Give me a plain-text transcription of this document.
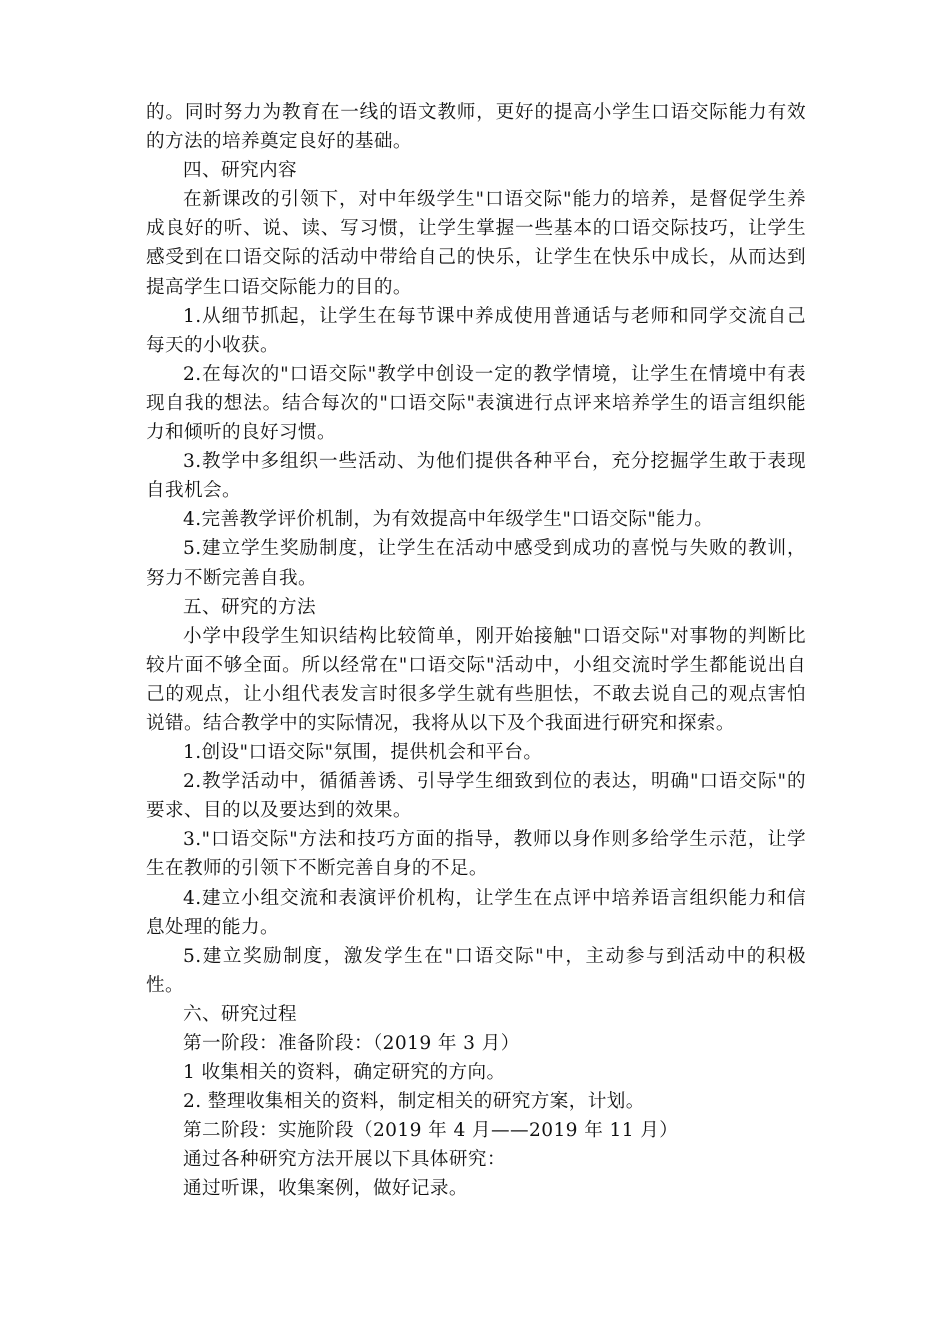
的。同时努力为教育在一线的语文教师，更好的提高小学生口语交际能力有效的方法的培养奠定良好的基础。

四、研究内容

在新课改的引领下，对中年级学生"口语交际"能力的培养，是督促学生养成良好的听、说、读、写习惯，让学生掌握一些基本的口语交际技巧，让学生感受到在口语交际的活动中带给自己的快乐，让学生在快乐中成长，从而达到提高学生口语交际能力的目的。

1.从细节抓起，让学生在每节课中养成使用普通话与老师和同学交流自己每天的小收获。

2.在每次的"口语交际"教学中创设一定的教学情境，让学生在情境中有表现自我的想法。结合每次的"口语交际"表演进行点评来培养学生的语言组织能力和倾听的良好习惯。

3.教学中多组织一些活动、为他们提供各种平台，充分挖掘学生敢于表现自我机会。

4.完善教学评价机制，为有效提高中年级学生"口语交际"能力。

5.建立学生奖励制度，让学生在活动中感受到成功的喜悦与失败的教训，努力不断完善自我。

五、研究的方法

小学中段学生知识结构比较简单，刚开始接触"口语交际"对事物的判断比较片面不够全面。所以经常在"口语交际"活动中，小组交流时学生都能说出自己的观点，让小组代表发言时很多学生就有些胆怯，不敢去说自己的观点害怕说错。结合教学中的实际情况，我将从以下及个我面进行研究和探索。

1.创设"口语交际"氛围，提供机会和平台。

2.教学活动中，循循善诱、引导学生细致到位的表达，明确"口语交际"的要求、目的以及要达到的效果。

3."口语交际"方法和技巧方面的指导，教师以身作则多给学生示范，让学生在教师的引领下不断完善自身的不足。

4.建立小组交流和表演评价机构，让学生在点评中培养语言组织能力和信息处理的能力。

5.建立奖励制度，激发学生在"口语交际"中，主动参与到活动中的积极性。

六、研究过程

第一阶段：准备阶段：（2019 年 3 月）

1 收集相关的资料，确定研究的方向。

2. 整理收集相关的资料，制定相关的研究方案，计划。

第二阶段：实施阶段（2019 年 4 月——2019 年 11 月）

通过各种研究方法开展以下具体研究：

通过听课，收集案例，做好记录。
